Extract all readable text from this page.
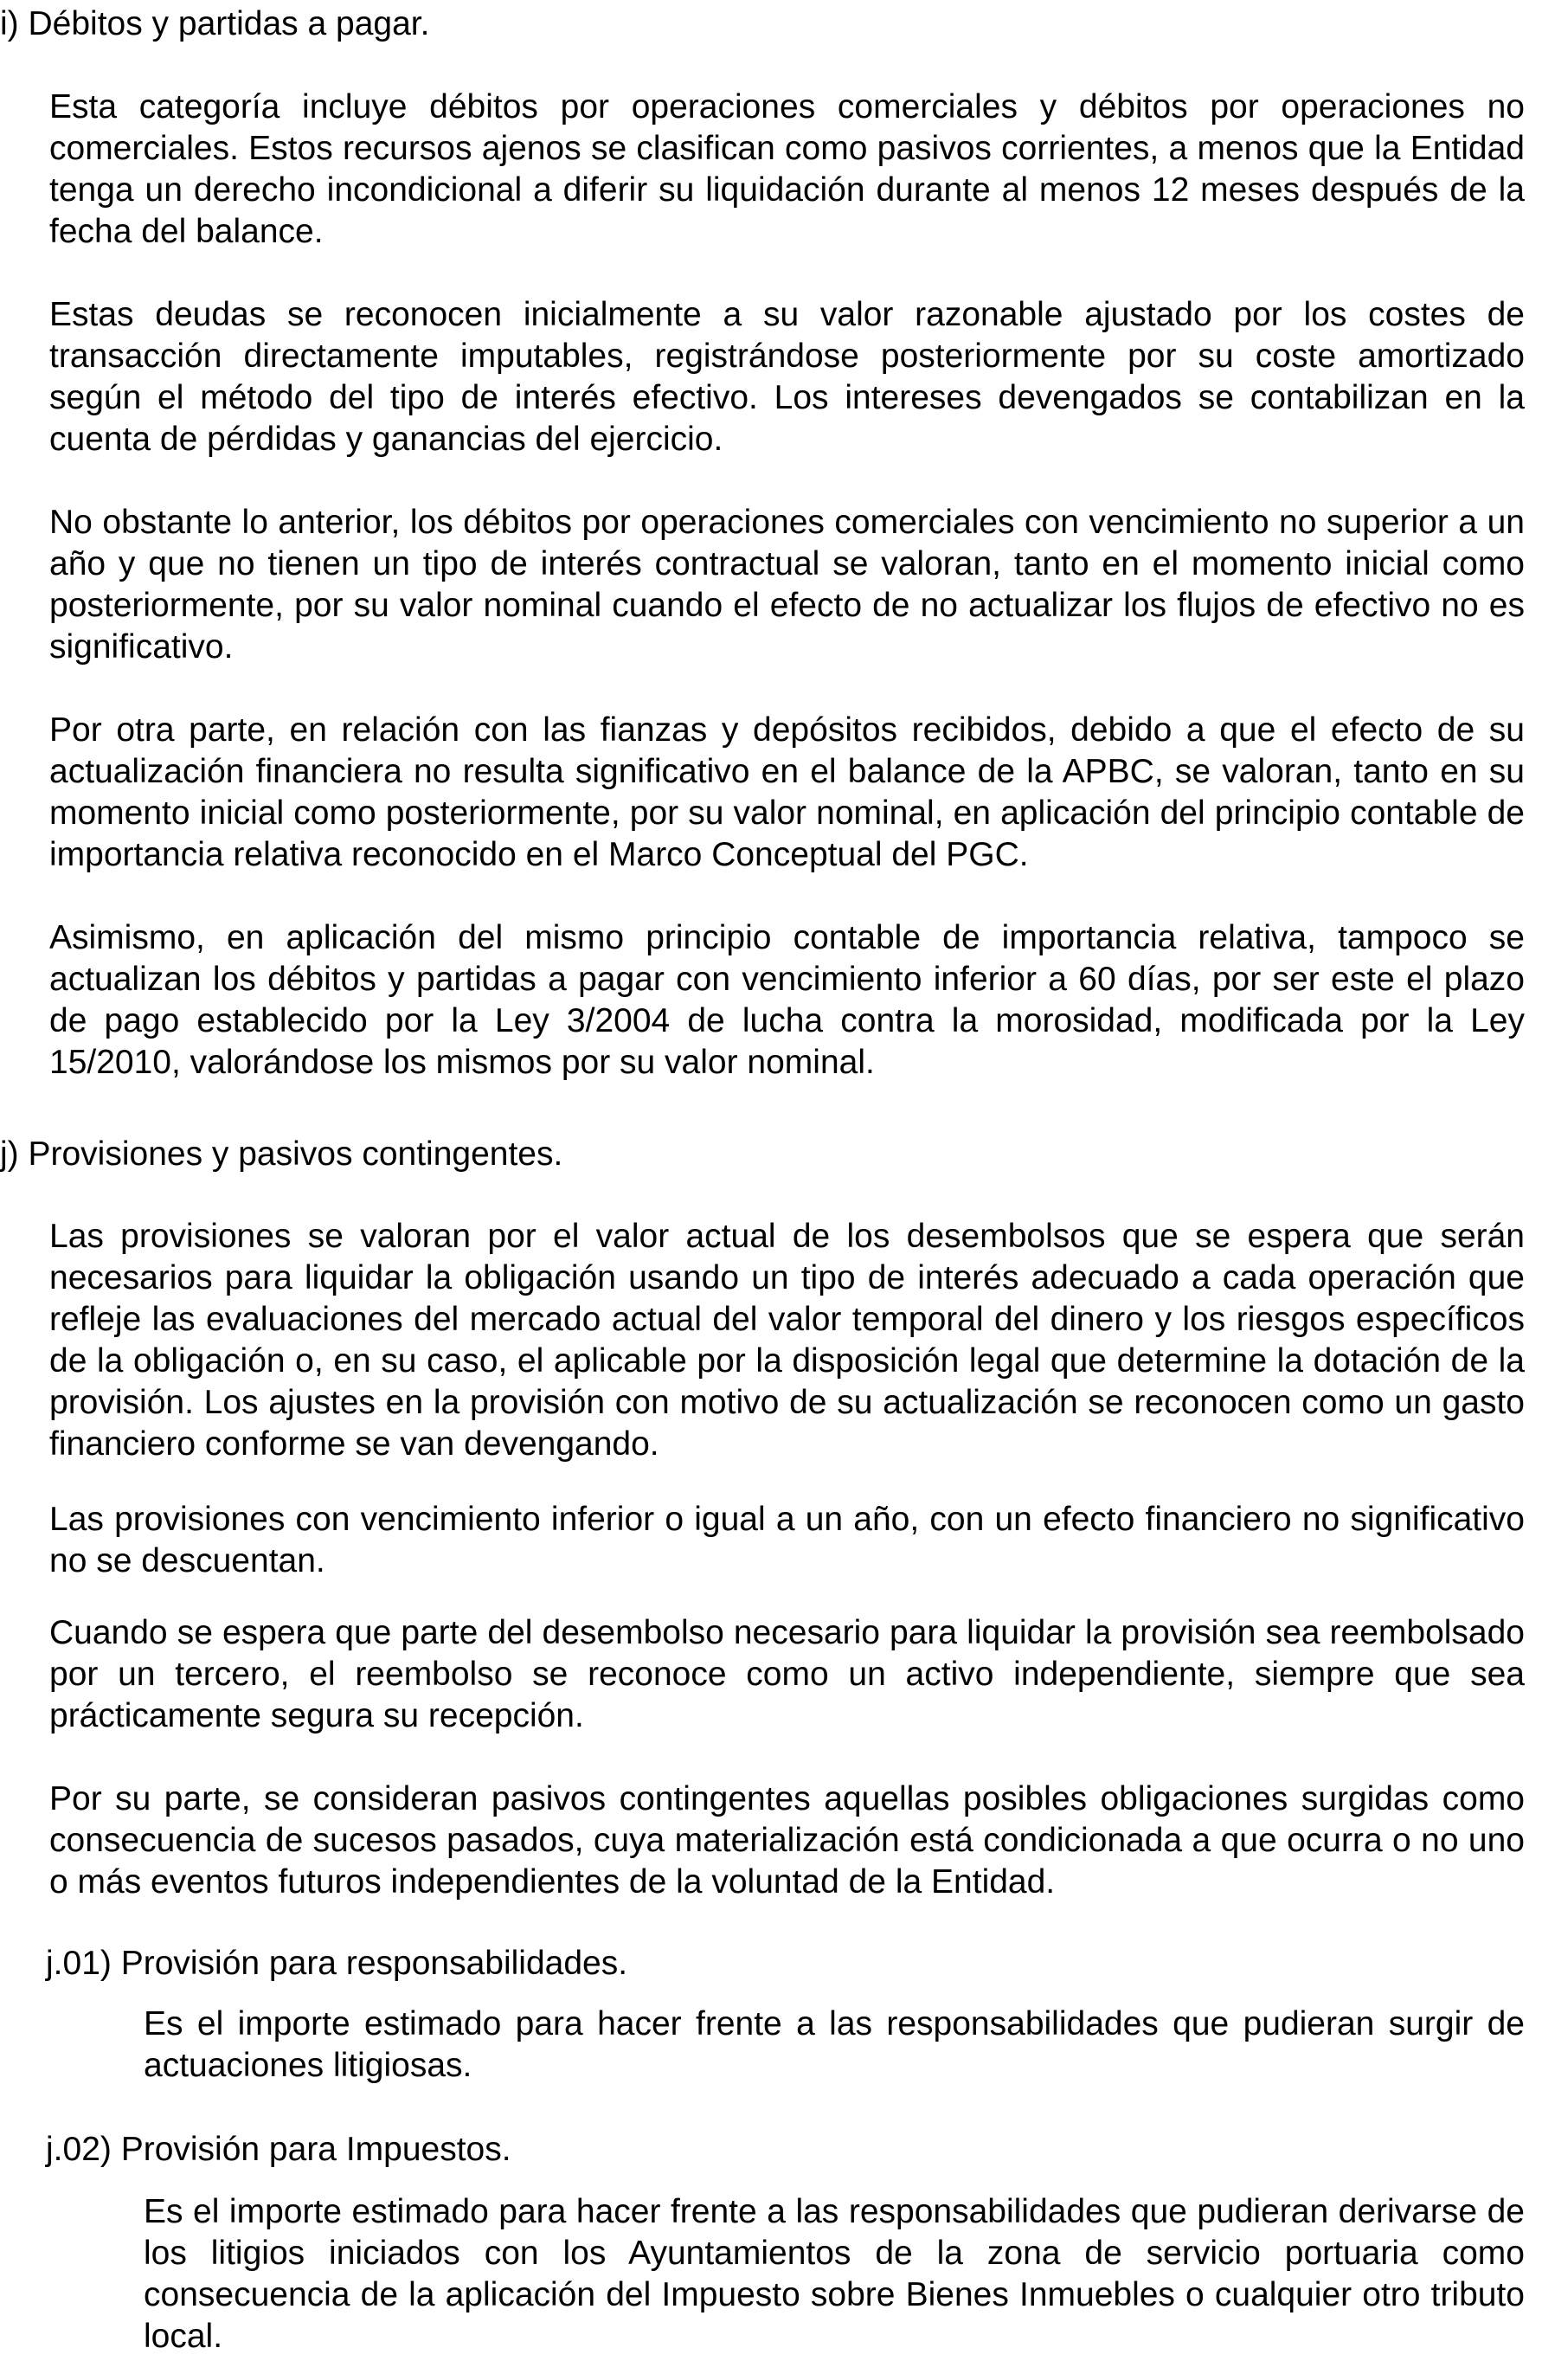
i) Débitos y partidas a pagar.

Esta categoría incluye débitos por operaciones comerciales y débitos por operaciones no comerciales. Estos recursos ajenos se clasifican como pasivos corrientes, a menos que la Entidad tenga un derecho incondicional a diferir su liquidación durante al menos 12 meses después de la fecha del balance.

Estas deudas se reconocen inicialmente a su valor razonable ajustado por los costes de transacción directamente imputables, registrándose posteriormente por su coste amortizado según el método del tipo de interés efectivo. Los intereses devengados se contabilizan en la cuenta de pérdidas y ganancias del ejercicio.

No obstante lo anterior, los débitos por operaciones comerciales con vencimiento no superior a un año y que no tienen un tipo de interés contractual se valoran, tanto en el momento inicial como posteriormente, por su valor nominal cuando el efecto de no actualizar los flujos de efectivo no es significativo.

Por otra parte, en relación con las fianzas y depósitos recibidos, debido a que el efecto de su actualización financiera no resulta significativo en el balance de la APBC, se valoran, tanto en su momento inicial como posteriormente, por su valor nominal, en aplicación del principio contable de importancia relativa reconocido en el Marco Conceptual del PGC.

Asimismo, en aplicación del mismo principio contable de importancia relativa, tampoco se actualizan los débitos y partidas a pagar con vencimiento inferior a 60 días, por ser este el plazo de pago establecido por la Ley 3/2004 de lucha contra la morosidad, modificada por la Ley 15/2010, valorándose los mismos por su valor nominal.

j) Provisiones y pasivos contingentes.

Las provisiones se valoran por el valor actual de los desembolsos que se espera que serán necesarios para liquidar la obligación usando un tipo de interés adecuado a cada operación que refleje las evaluaciones del mercado actual del valor temporal del dinero y los riesgos específicos de la obligación o, en su caso, el aplicable por la disposición legal que determine la dotación de la provisión. Los ajustes en la provisión con motivo de su actualización se reconocen como un gasto financiero conforme se van devengando.

Las provisiones con vencimiento inferior o igual a un año, con un efecto financiero no significativo no se descuentan.

Cuando se espera que parte del desembolso necesario para liquidar la provisión sea reembolsado por un tercero, el reembolso se reconoce como un activo independiente, siempre que sea prácticamente segura su recepción.

Por su parte, se consideran pasivos contingentes aquellas posibles obligaciones surgidas como consecuencia de sucesos pasados, cuya materialización está condicionada a que ocurra o no uno o más eventos futuros independientes de la voluntad de la Entidad.

j.01) Provisión para responsabilidades.

Es el importe estimado para hacer frente a las responsabilidades que pudieran surgir de actuaciones litigiosas.

j.02) Provisión para Impuestos.

Es el importe estimado para hacer frente a las responsabilidades que pudieran derivarse de los litigios iniciados con los Ayuntamientos de la zona de servicio portuaria como consecuencia de la aplicación del Impuesto sobre Bienes Inmuebles o cualquier otro tributo local.
